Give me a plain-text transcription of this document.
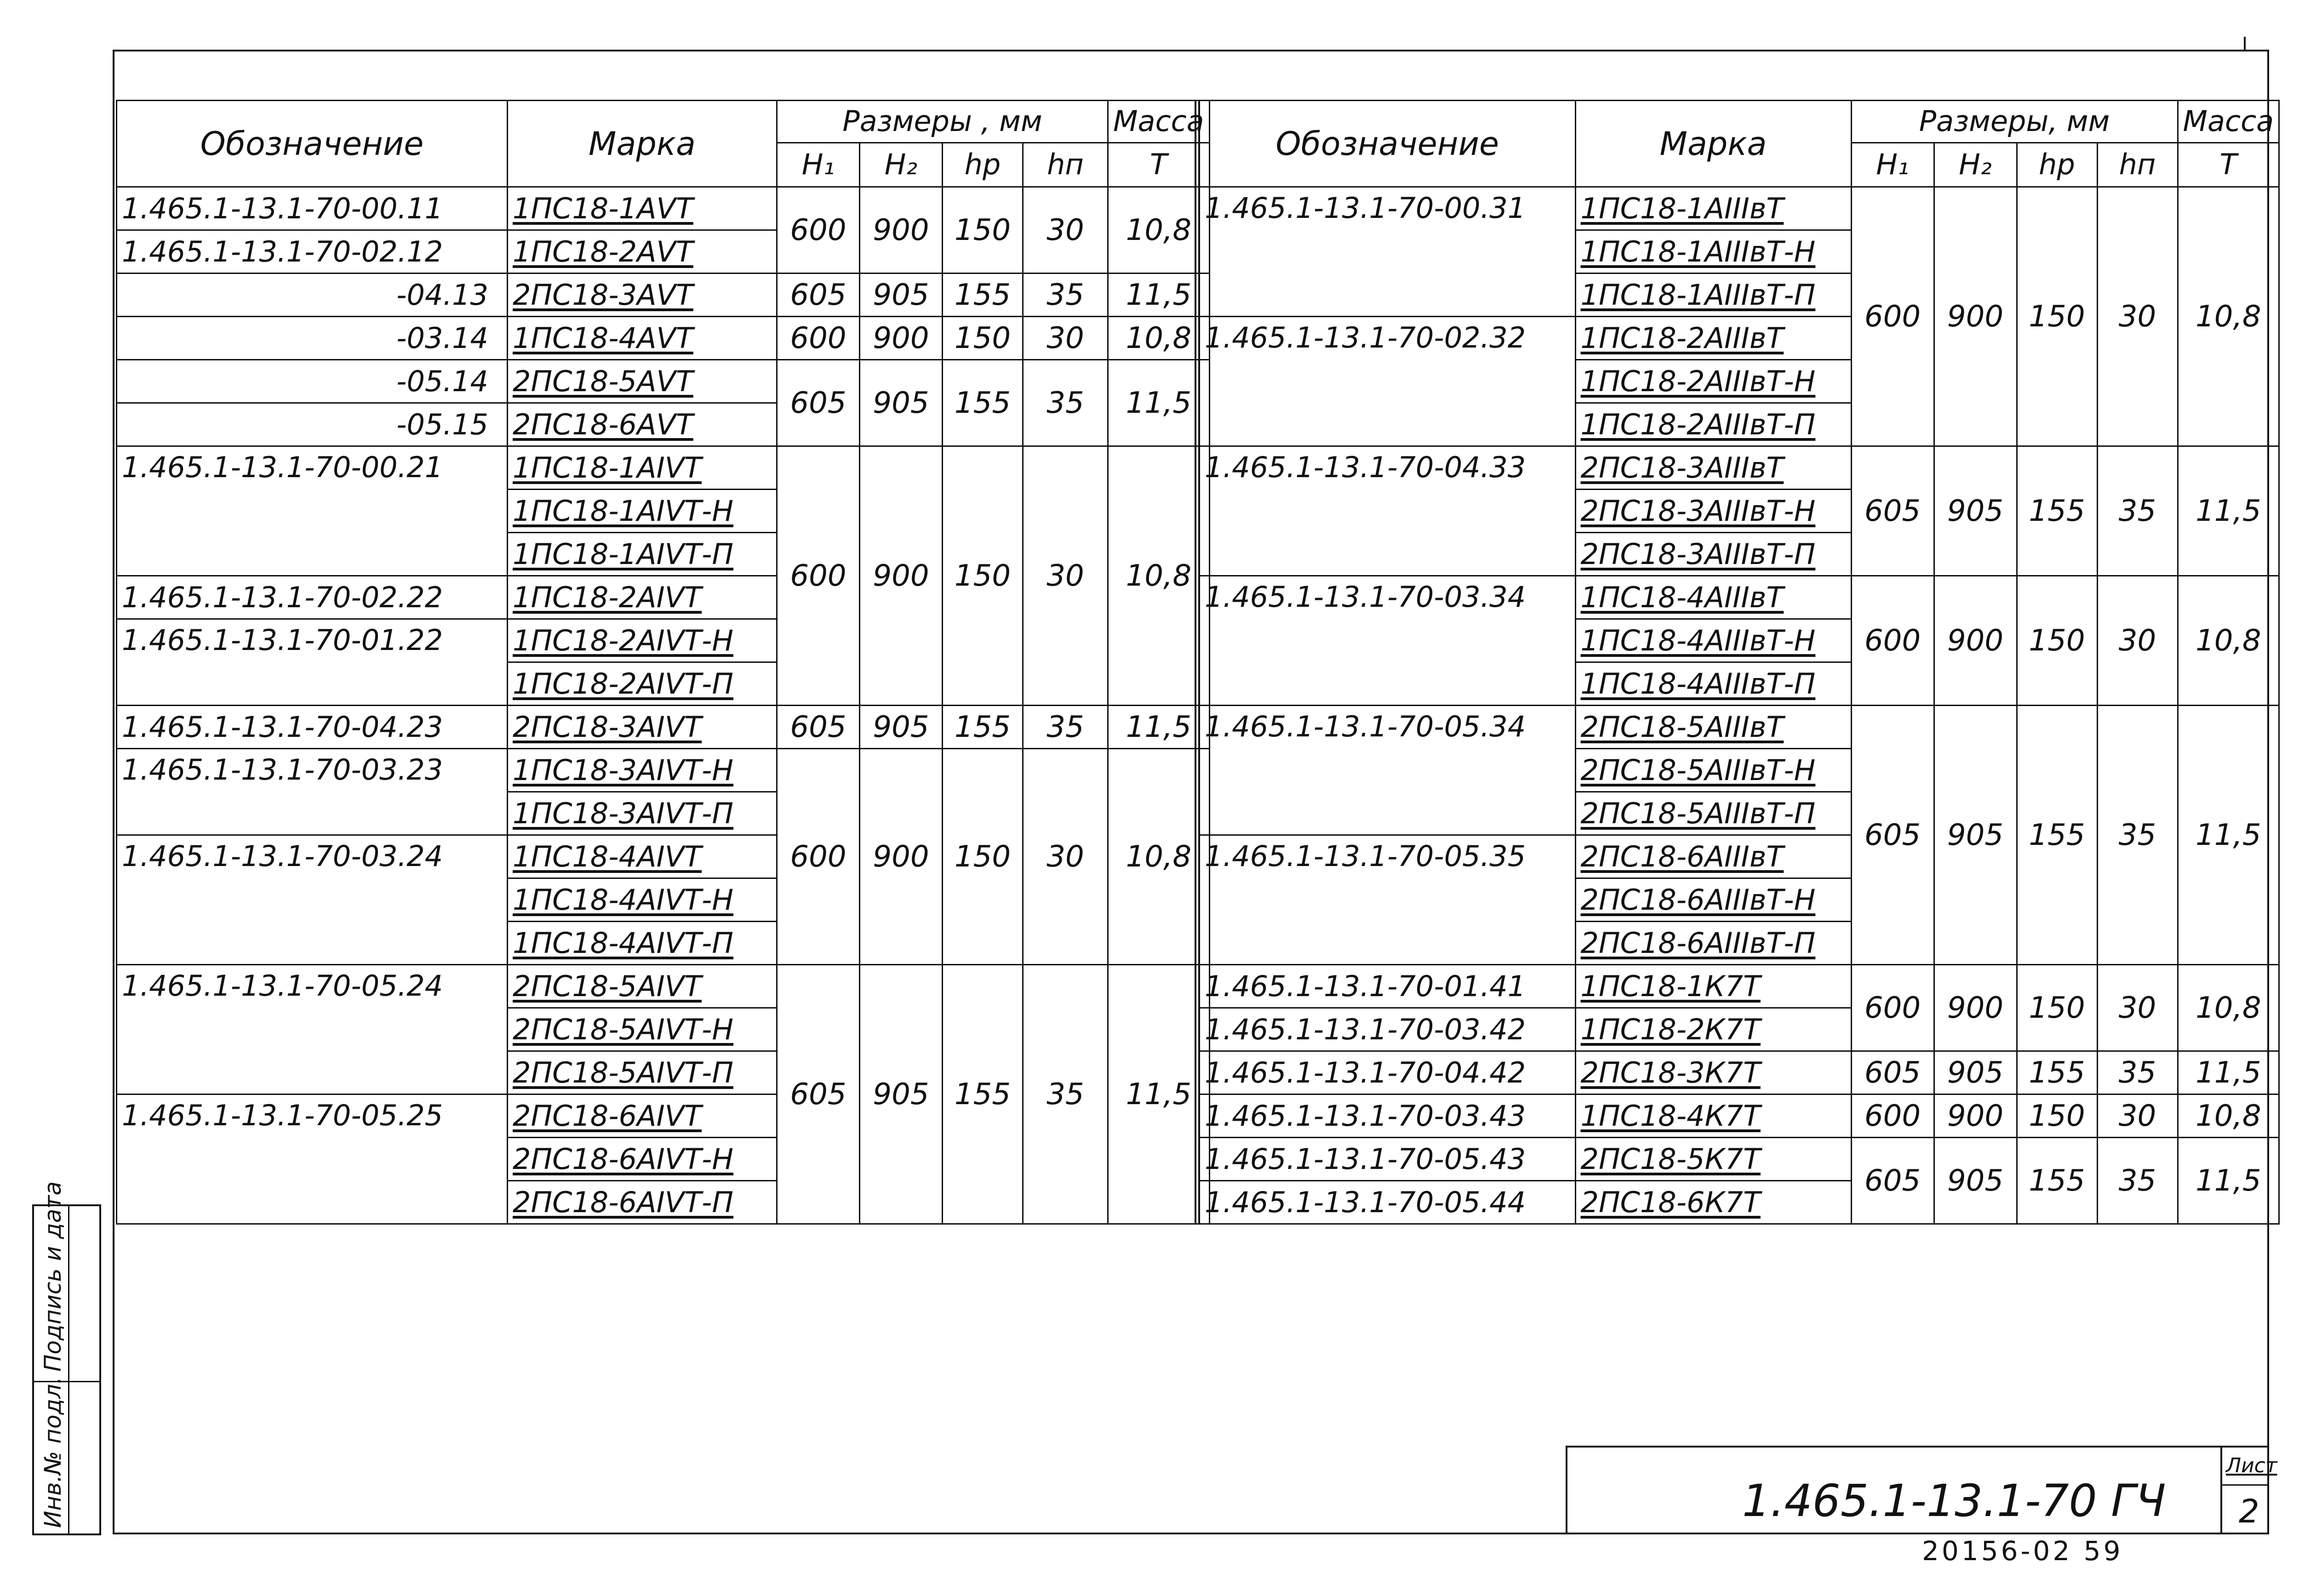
Обозначение	Марка	Размеры , мм				Масса
		H₁	H₂	hр	hп	Т
1.465.1-13.1-70-00.11	1ПС18-1АVТ	600	900	150	30	10,8
1.465.1-13.1-70-02.12	1ПС18-2АVТ					
-04.13	2ПС18-3АVТ	605	905	155	35	11,5
-03.14	1ПС18-4АVТ	600	900	150	30	10,8
-05.14	2ПС18-5АVТ	605	905	155	35	11,5
-05.15	2ПС18-6АVТ					
1.465.1-13.1-70-00.21	1ПС18-1АIVТ	600	900	150	30	10,8
	1ПС18-1АIVТ-Н					
	1ПС18-1АIVТ-П					
1.465.1-13.1-70-02.22	1ПС18-2АIVТ					
1.465.1-13.1-70-01.22	1ПС18-2АIVТ-Н					
	1ПС18-2АIVТ-П					
1.465.1-13.1-70-04.23	2ПС18-3АIVТ	605	905	155	35	11,5
1.465.1-13.1-70-03.23	1ПС18-3АIVТ-Н	600	900	150	30	10,8
	1ПС18-3АIVТ-П					
1.465.1-13.1-70-03.24	1ПС18-4АIVТ					
	1ПС18-4АIVТ-Н					
	1ПС18-4АIVТ-П					
1.465.1-13.1-70-05.24	2ПС18-5АIVТ	605	905	155	35	11,5
	2ПС18-5АIVТ-Н					
	2ПС18-5АIVТ-П					
1.465.1-13.1-70-05.25	2ПС18-6АIVТ					
	2ПС18-6АIVТ-Н					
	2ПС18-6АIVТ-П					
Обозначение	Марка	Размеры, мм				Масса
		H₁	H₂	hр	hп	Т
1.465.1-13.1-70-00.31	1ПС18-1АIIIвТ	600	900	150	30	10,8
	1ПС18-1АIIIвТ-Н					
	1ПС18-1АIIIвТ-П					
1.465.1-13.1-70-02.32	1ПС18-2АIIIвТ					
	1ПС18-2АIIIвТ-Н					
	1ПС18-2АIIIвТ-П					
1.465.1-13.1-70-04.33	2ПС18-3АIIIвТ	605	905	155	35	11,5
	2ПС18-3АIIIвТ-Н					
	2ПС18-3АIIIвТ-П					
1.465.1-13.1-70-03.34	1ПС18-4АIIIвТ	600	900	150	30	10,8
	1ПС18-4АIIIвТ-Н					
	1ПС18-4АIIIвТ-П					
1.465.1-13.1-70-05.34	2ПС18-5АIIIвТ	605	905	155	35	11,5
	2ПС18-5АIIIвТ-Н					
	2ПС18-5АIIIвТ-П					
1.465.1-13.1-70-05.35	2ПС18-6АIIIвТ					
	2ПС18-6АIIIвТ-Н					
	2ПС18-6АIIIвТ-П					
1.465.1-13.1-70-01.41	1ПС18-1К7Т	600	900	150	30	10,8
1.465.1-13.1-70-03.42	1ПС18-2К7Т					
1.465.1-13.1-70-04.42	2ПС18-3К7Т	605	905	155	35	11,5
1.465.1-13.1-70-03.43	1ПС18-4К7Т	600	900	150	30	10,8
1.465.1-13.1-70-05.43	2ПС18-5К7Т	605	905	155	35	11,5
1.465.1-13.1-70-05.44	2ПС18-6К7Т					
Подпись и дата
Инв.№ подл.	1.465.1-13.1-70 ГЧ
Лист
2
20156-02 59
